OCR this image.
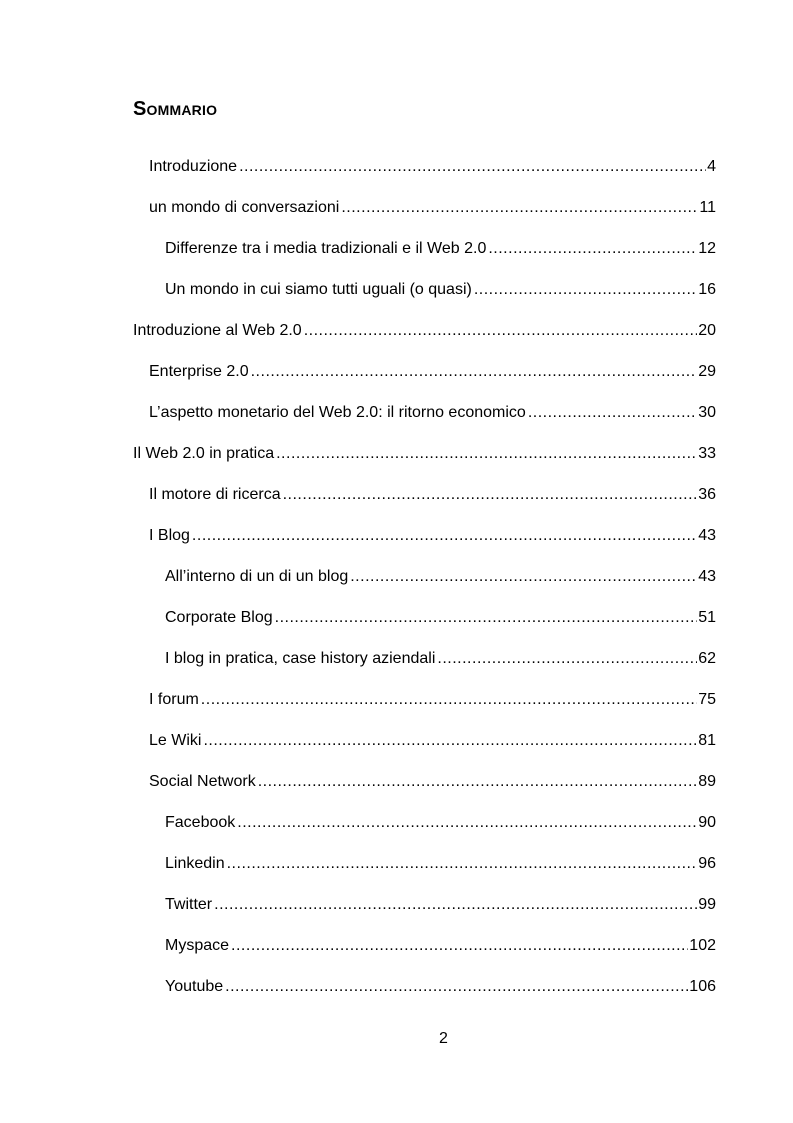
Sommario
Introduzione .....	4
un mondo di conversazioni .....	11
Differenze tra i media tradizionali e il Web 2.0 .....	12
Un mondo in cui siamo tutti uguali (o quasi) .....	16
Introduzione al Web 2.0 .....	20
Enterprise 2.0 .....	29
L’aspetto monetario del Web 2.0: il ritorno economico .....	30
Il Web 2.0 in pratica .....	33
Il motore di ricerca .....	36
I Blog .....	43
All’interno di un di un blog .....	43
Corporate Blog .....	51
I blog in pratica, case history aziendali .....	62
I forum .....	75
Le Wiki .....	81
Social Network .....	89
Facebook .....	90
Linkedin .....	96
Twitter .....	99
Myspace .....	102
Youtube .....	106

2
